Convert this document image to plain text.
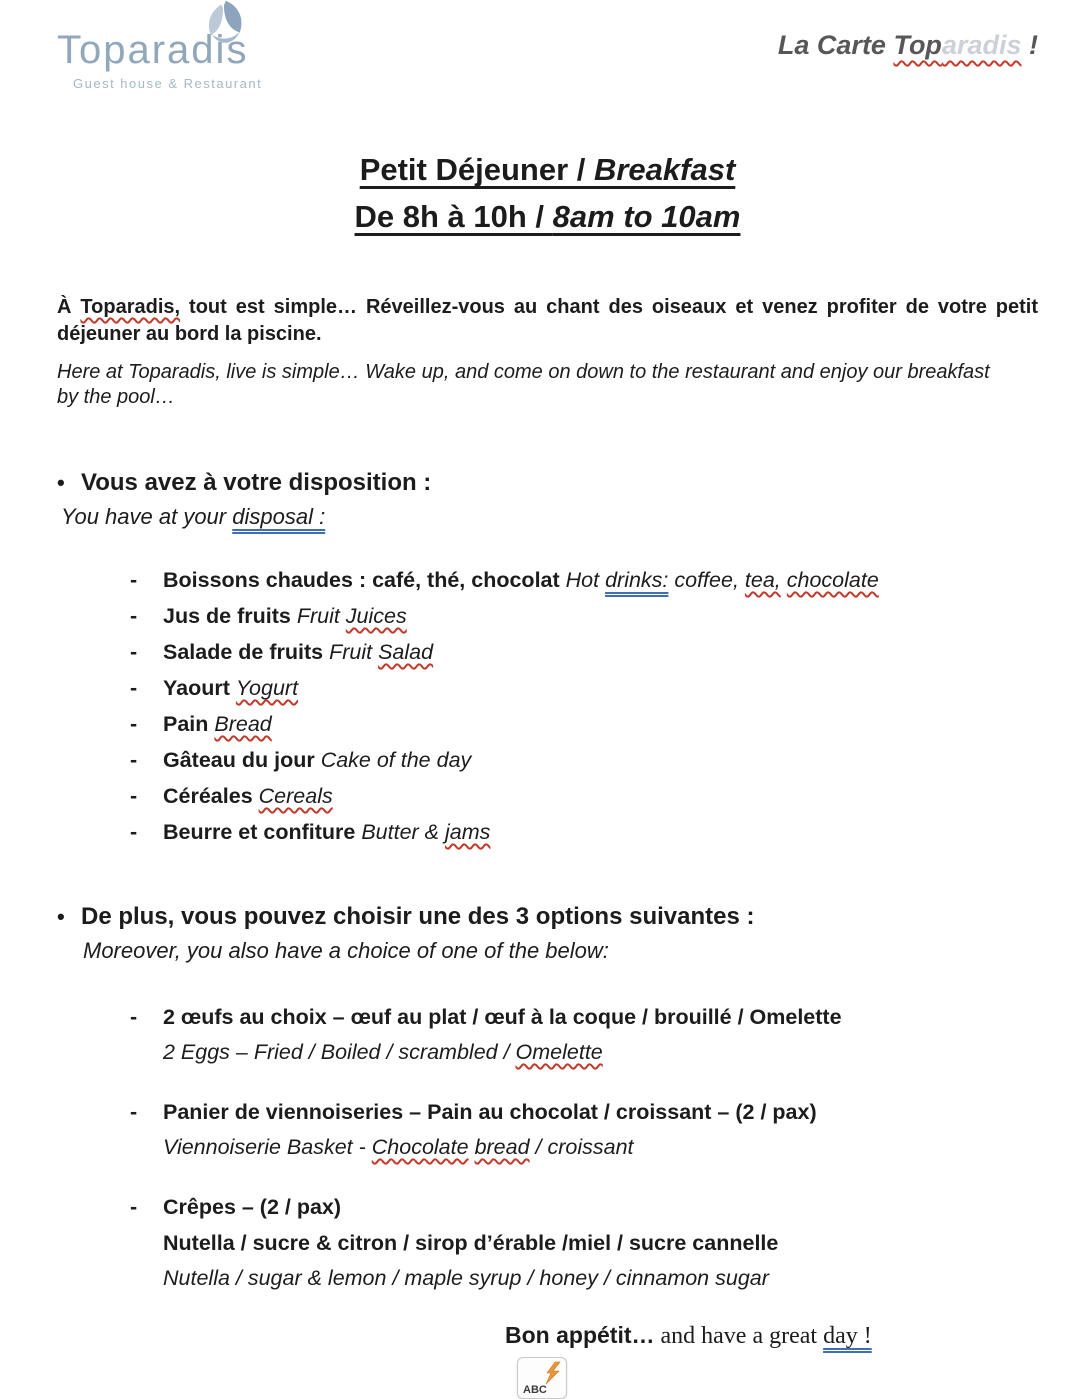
Toparadis
Guest house & Restaurant
La Carte Toparadis !
Petit Déjeuner / Breakfast
De 8h à 10h / 8am to 10am
À Toparadis, tout est simple… Réveillez-vous au chant des oiseaux et venez profiter de votre petit
déjeuner au bord la piscine.
Here at Toparadis, live is simple… Wake up, and come on down to the restaurant and enjoy our breakfast
by the pool…
• Vous avez à votre disposition :
You have at your disposal :
-	Boissons chaudes : café, thé, chocolat Hot drinks: coffee, tea, chocolate
-	Jus de fruits Fruit Juices
-	Salade de fruits Fruit Salad
-	Yaourt Yogurt
-	Pain Bread
-	Gâteau du jour Cake of the day
-	Céréales Cereals
-	Beurre et confiture Butter & jams
• De plus, vous pouvez choisir une des 3 options suivantes :
Moreover, you also have a choice of one of the below:
-	2 œufs au choix – œuf au plat / œuf à la coque / brouillé / Omelette
2 Eggs – Fried / Boiled / scrambled / Omelette
-	Panier de viennoiseries – Pain au chocolat / croissant – (2 / pax)
Viennoiserie Basket - Chocolate bread / croissant
-	Crêpes – (2 / pax)
Nutella / sucre & citron / sirop d’érable /miel / sucre cannelle
Nutella / sugar & lemon / maple syrup / honey / cinnamon sugar
Bon appétit… and have a great day !
ABC
